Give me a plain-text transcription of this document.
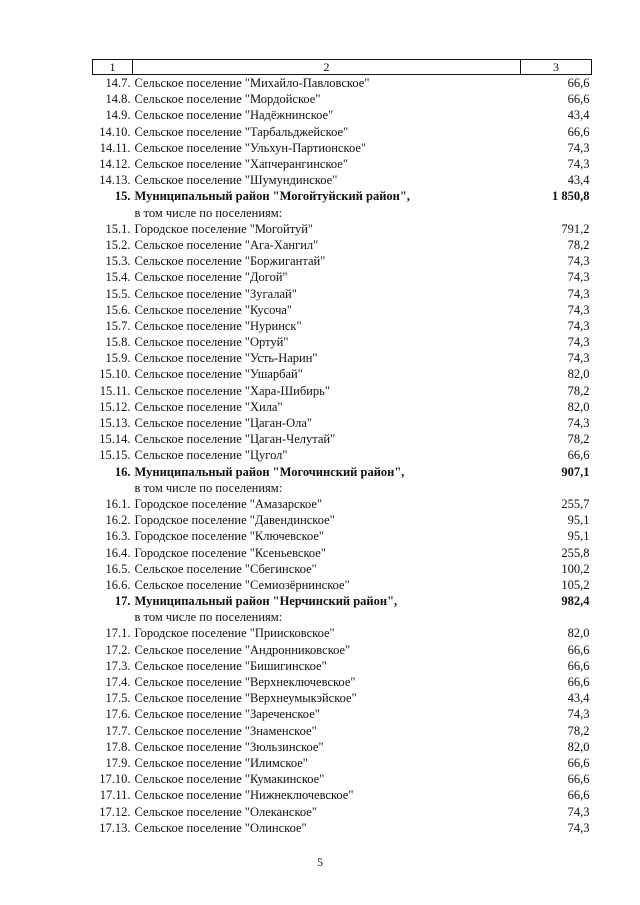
1	2	3
14.7.	Сельское поселение "Михайло-Павловское"	66,6
14.8.	Сельское поселение "Мордойское"	66,6
14.9.	Сельское поселение "Надёжнинское"	43,4
14.10.	Сельское поселение "Тарбальджейское"	66,6
14.11.	Сельское поселение "Ульхун-Партионское"	74,3
14.12.	Сельское поселение "Хапчерангинское"	74,3
14.13.	Сельское поселение "Шумундинское"	43,4
15.	Муниципальный район "Могойтуйский район",	1 850,8
	в том числе по поселениям:	
15.1.	Городское поселение "Могойтуй"	791,2
15.2.	Сельское поселение "Ага-Хангил"	78,2
15.3.	Сельское поселение "Боржигантай"	74,3
15.4.	Сельское поселение "Догой"	74,3
15.5.	Сельское поселение "Зугалай"	74,3
15.6.	Сельское поселение "Кусоча"	74,3
15.7.	Сельское поселение "Нуринск"	74,3
15.8.	Сельское поселение "Ортуй"	74,3
15.9.	Сельское поселение "Усть-Нарин"	74,3
15.10.	Сельское поселение "Ушарбай"	82,0
15.11.	Сельское поселение "Хара-Шибирь"	78,2
15.12.	Сельское поселение "Хила"	82,0
15.13.	Сельское поселение "Цаган-Ола"	74,3
15.14.	Сельское поселение "Цаган-Челутай"	78,2
15.15.	Сельское поселение "Цугол"	66,6
16.	Муниципальный район "Могочинский район",	907,1
	в том числе по поселениям:	
16.1.	Городское поселение "Амазарское"	255,7
16.2.	Городское поселение "Давендинское"	95,1
16.3.	Городское поселение "Ключевское"	95,1
16.4.	Городское поселение "Ксеньевское"	255,8
16.5.	Сельское поселение "Сбегинское"	100,2
16.6.	Сельское поселение "Семиозёрнинское"	105,2
17.	Муниципальный район "Нерчинский район",	982,4
	в том числе по поселениям:	
17.1.	Городское поселение "Приисковское"	82,0
17.2.	Сельское поселение "Андронниковское"	66,6
17.3.	Сельское поселение "Бишигинское"	66,6
17.4.	Сельское поселение "Верхнеключевское"	66,6
17.5.	Сельское поселение "Верхнеумыкэйское"	43,4
17.6.	Сельское поселение "Зареченское"	74,3
17.7.	Сельское поселение "Знаменское"	78,2
17.8.	Сельское поселение "Зюльзинское"	82,0
17.9.	Сельское поселение "Илимское"	66,6
17.10.	Сельское поселение "Кумакинское"	66,6
17.11.	Сельское поселение "Нижнеключевское"	66,6
17.12.	Сельское поселение "Олеканское"	74,3
17.13.	Сельское поселение "Олинское"	74,3
5
